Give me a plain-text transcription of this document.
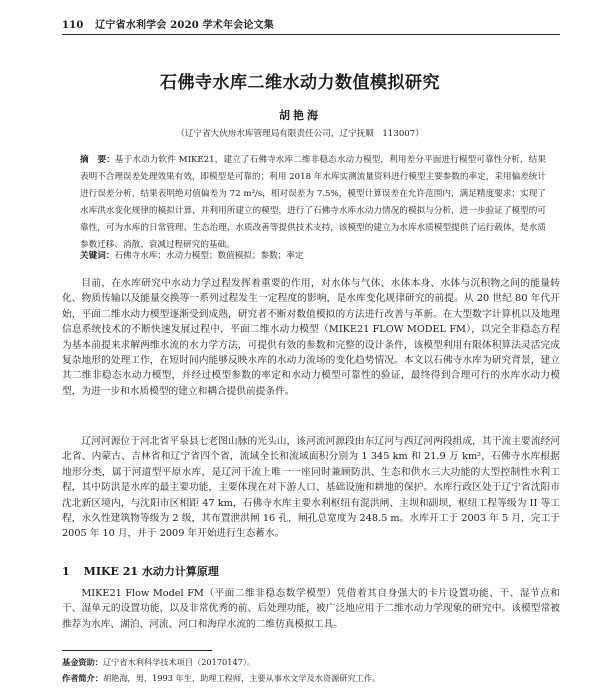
110 辽宁省水利学会 2020 学术年会论文集
石佛寺水库二维水动力数值模拟研究
胡艳海
（辽宁省大伙房水库管理局有限责任公司，辽宁抚顺　113007）

摘　要：基于水动力软件 MIKE21，建立了石佛寺水库二维非稳态水动力模型，利用差分平面进行模型可靠性分析，结果表明不合理误差处理效果有效，即模型是可靠的；利用 2018 年水库实测流量资料进行模型主要参数的率定，采用偏差统计进行误差分析，结果表明绝对值偏差为 72 m³/s，相对误差为 7.5%，模型计算误差在允许范围内，满足精度要求；实现了水库洪水变化规律的模拟计算，并利用所建立的模型，进行了石佛寺水库水动力情况的模拟与分析，进一步验证了模型的可靠性，可为水库的日常管理、生态治理、水质改善等提供技术支持，该模型的建立为水库水质模型提供了运行载体，是水质参数迁移、消散、衰减过程研究的基础。

关键词：石佛寺水库；水动力模型；数值模拟；参数；率定

目前，在水库研究中水动力学过程发挥着重要的作用，对水体与气体、水体本身、水体与沉积物之间的能量转化、物质传输以及能量交换等一系列过程发生一定程度的影响，是水库变化规律研究的前提。从 20 世纪 80 年代开始，平面二维水动力模型逐渐受到成熟，研究者不断对数值模拟的方法进行改善与革新。在大型数字计算机以及地理信息系统技术的不断快速发展过程中，平面二维水动力模型（MIKE21 FLOW MODEL FM），以完全非稳态方程为基本前提来求解两维水流的水力学方法，可提供有效的参数和完整的设计条件，该模型利用有限体积算法灵活完成复杂地形的处理工作，在短时间内能够反映水库的水动力流场的变化趋势情况。本文以石佛寺水库为研究背景，建立其二维非稳态水动力模型，并经过模型参数的率定和水动力模型可靠性的验证，最终得到合理可行的水库水动力模型，为进一步和水质模型的建立和耦合提供前提条件。

辽河河源位于河北省平泉县七老图山脉的光头山，该河流河源段由东辽河与西辽河两段组成，其干流主要流经河北省、内蒙古、吉林省和辽宁省四个省，流域全长和流域面积分别为 1 345 km 和 21.9 万 km²，石佛寺水库根据地形分类，属于河道型平原水库，是辽河干流上唯一一座同时兼顾防洪、生态和供水三大功能的大型控制性水利工程，其中防洪是水库的最主要功能，主要体现在对下游人口、基础设施和耕地的保护。水库行政区处于辽宁省沈阳市沈北新区境内，与沈阳市区相距 47 km，石佛寺水库主要水利枢纽有混洪闸、主坝和副坝，枢纽工程等级为 II 等工程，永久性建筑物等级为 2 级，其布置泄洪闸 16 孔，闸孔总宽度为 248.5 m。水库开工于 2003 年 5 月，完工于 2005 年 10 月，并于 2009 年开始进行生态蓄水。

1 MIKE 21 水动力计算原理

MIKE21 Flow Model FM（平面二维非稳态数学模型）凭借着其自身强大的卡片设置功能、干、湿节点和干、湿单元的设置功能，以及非常优秀的前、后处理功能，被广泛地应用于二维水动力学现象的研究中。该模型常被推荐为水库、湖泊、河流、河口和海岸水流的二维仿真模拟工具。

基金资助：辽宁省水利科学技术项目（20170147）。

作者简介：胡艳海，男，1993 年生，助理工程师，主要从事水文学及水资源研究工作。
